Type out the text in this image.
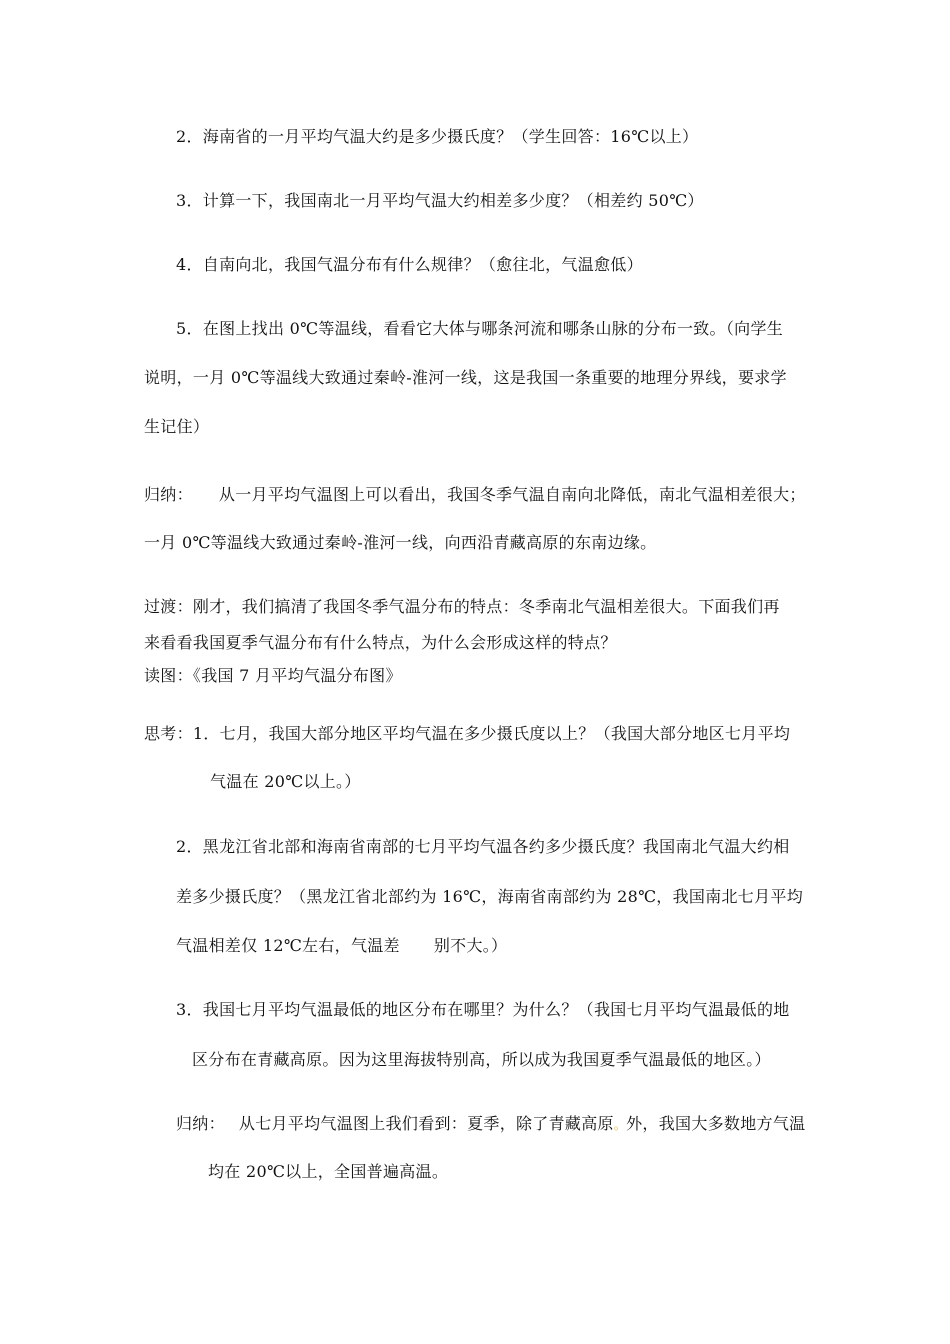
2．海南省的一月平均气温大约是多少摄氏度？（学生回答：16℃以上）
3．计算一下，我国南北一月平均气温大约相差多少度？（相差约 50℃）
4．自南向北，我国气温分布有什么规律？（愈往北，气温愈低）
5．在图上找出 0℃等温线，看看它大体与哪条河流和哪条山脉的分布一致。（向学生
说明，一月 0℃等温线大致通过秦岭-淮河一线，这是我国一条重要的地理分界线，要求学
生记住）
归纳： 从一月平均气温图上可以看出，我国冬季气温自南向北降低，南北气温相差很大；
一月 0℃等温线大致通过秦岭-淮河一线，向西沿青藏高原的东南边缘。
过渡：刚才，我们搞清了我国冬季气温分布的特点：冬季南北气温相差很大。下面我们再
来看看我国夏季气温分布有什么特点，为什么会形成这样的特点？
读图：《我国 7 月平均气温分布图》
思考：1．七月，我国大部分地区平均气温在多少摄氏度以上？（我国大部分地区七月平均
气温在 20℃以上。）
2．黑龙江省北部和海南省南部的七月平均气温各约多少摄氏度？我国南北气温大约相
差多少摄氏度？（黑龙江省北部约为 16℃，海南省南部约为 28℃，我国南北七月平均
气温相差仅 12℃左右，气温差 别不大。）
3．我国七月平均气温最低的地区分布在哪里？为什么？（我国七月平均气温最低的地
区分布在青藏高原。因为这里海拔特别高，所以成为我国夏季气温最低的地区。）
归纳： 从七月平均气温图上我们看到：夏季，除了青藏高原。外，我国大多数地方气温
均在 20℃以上，全国普遍高温。
